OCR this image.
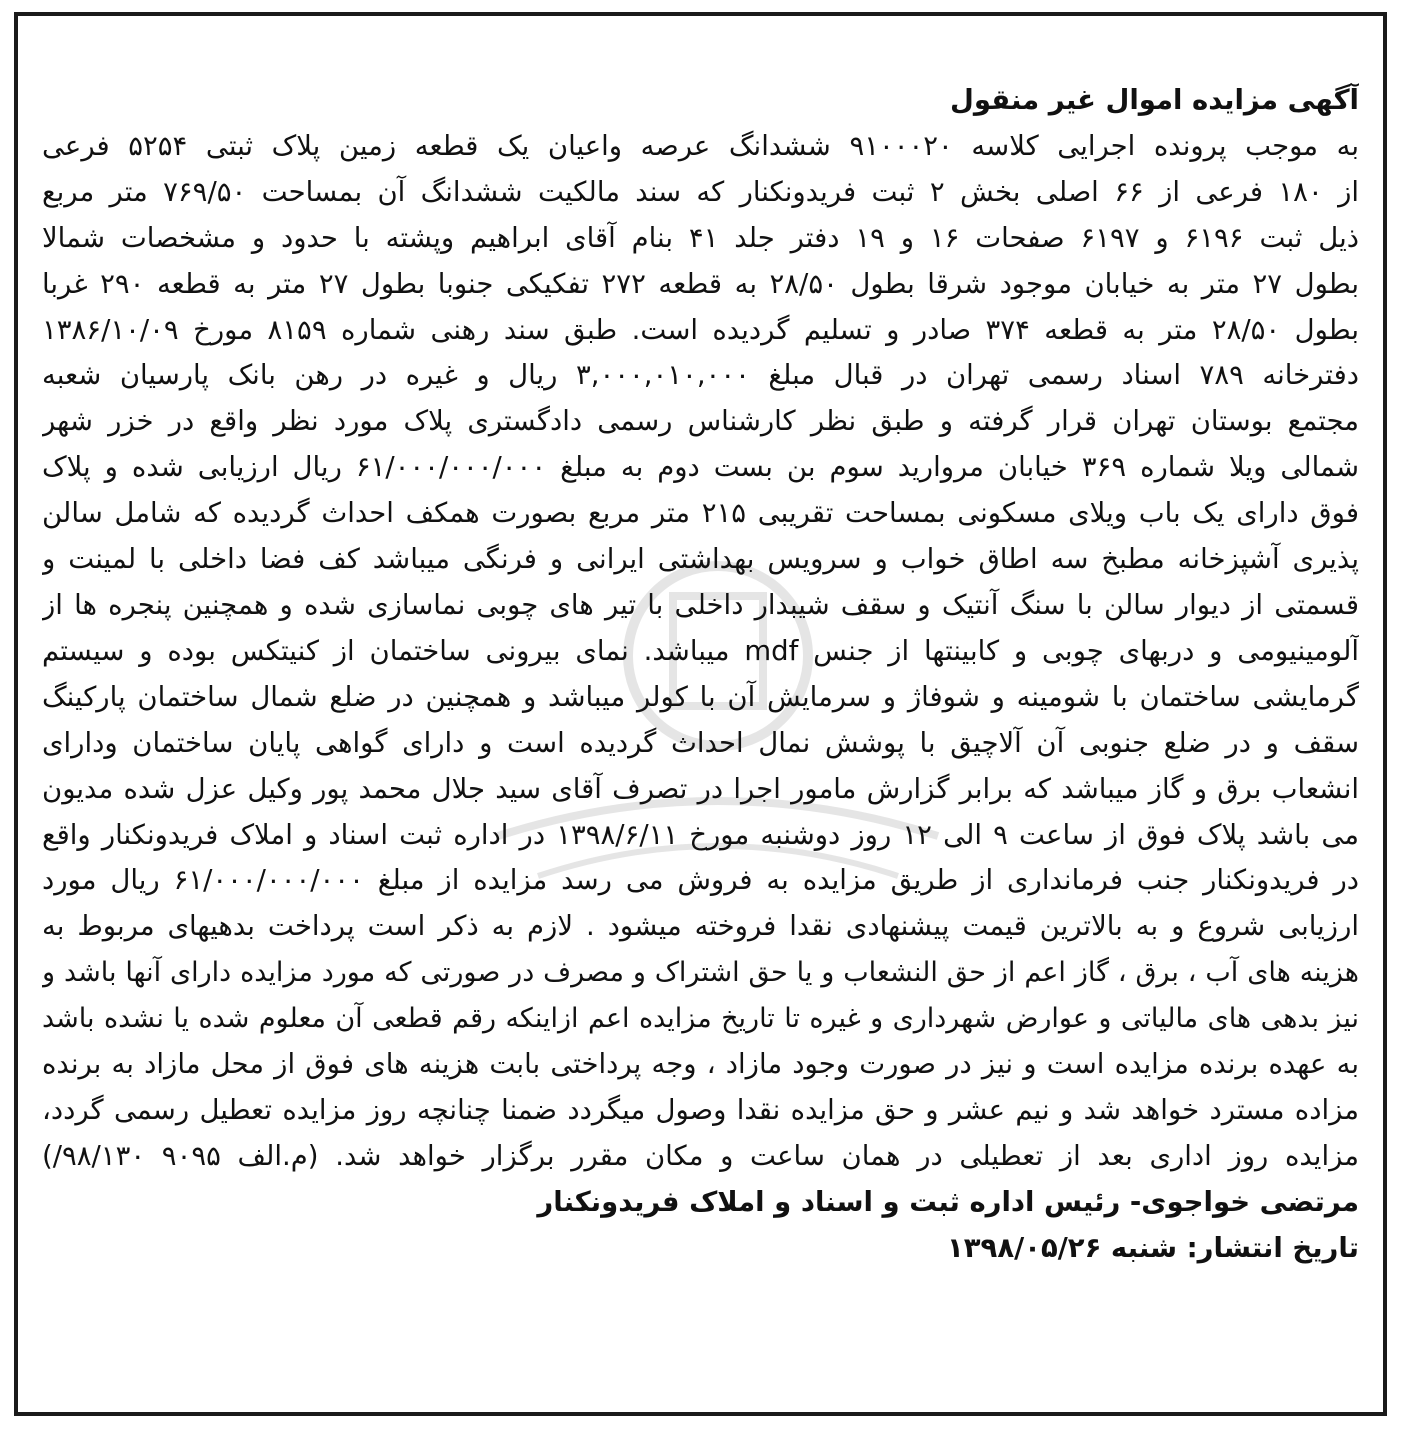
آگهی مزایده اموال غیر منقول
به موجب پرونده اجرایی کلاسه ۹۱۰۰۰۲۰ ششدانگ عرصه واعیان یک قطعه زمین پلاک ثبتی ۵۲۵۴ فرعی
از ۱۸۰ فرعی از ۶۶ اصلی بخش ۲ ثبت فریدونکنار که سند مالکیت ششدانگ آن بمساحت ۷۶۹/۵۰ متر مربع
ذیل ثبت ۶۱۹۶ و ۶۱۹۷ صفحات ۱۶ و ۱۹ دفتر جلد ۴۱ بنام آقای ابراهیم وپشته با حدود و مشخصات شمالا
بطول ۲۷ متر به خیابان موجود شرقا بطول ۲۸/۵۰ به قطعه ۲۷۲ تفکیکی جنوبا بطول ۲۷ متر به قطعه ۲۹۰ غربا
بطول ۲۸/۵۰ متر به قطعه ۳۷۴ صادر و تسلیم گردیده است. طبق سند رهنی شماره ۸۱۵۹ مورخ ۱۳۸۶/۱۰/۰۹
دفترخانه ۷۸۹ اسناد رسمی تهران در قبال مبلغ ۳,۰۰۰,۰۱۰,۰۰۰ ریال و غیره در رهن بانک پارسیان شعبه
مجتمع بوستان تهران قرار گرفته و طبق نظر کارشناس رسمی دادگستری پلاک مورد نظر واقع در خزر شهر
شمالی ویلا شماره ۳۶۹ خیابان مروارید سوم بن بست دوم به مبلغ ۶۱/۰۰۰/۰۰۰/۰۰۰ ریال ارزیابی شده و پلاک
فوق دارای یک باب ویلای مسکونی بمساحت تقریبی ۲۱۵ متر مربع بصورت همکف احداث گردیده که شامل سالن
پذیری آشپزخانه مطبخ سه اطاق خواب و سرویس بهداشتی ایرانی و فرنگی میباشد کف فضا داخلی با لمینت و
قسمتی از دیوار سالن با سنگ آنتیک و سقف شیبدار داخلی با تیر های چوبی نماسازی شده و همچنین پنجره ها از
آلومینیومی و دربهای چوبی و کابینتها از جنس mdf میباشد. نمای بیرونی ساختمان از کنیتکس بوده و سیستم
گرمایشی ساختمان با شومینه و شوفاژ و سرمایش آن با کولر میباشد و همچنین در ضلع شمال ساختمان پارکینگ
سقف و در ضلع جنوبی آن آلاچیق با پوشش نمال احداث گردیده است و دارای گواهی پایان ساختمان ودارای
انشعاب برق و گاز میباشد که برابر گزارش مامور اجرا در تصرف آقای سید جلال محمد پور وکیل عزل شده مدیون
می باشد پلاک فوق از ساعت ۹ الی ۱۲ روز دوشنبه مورخ ۱۳۹۸/۶/۱۱ در اداره ثبت اسناد و املاک فریدونکنار واقع
در فریدونکنار جنب فرمانداری از طریق مزایده به فروش می رسد مزایده از مبلغ ۶۱/۰۰۰/۰۰۰/۰۰۰ ریال مورد
ارزیابی شروع و به بالاترین قیمت پیشنهادی نقدا فروخته میشود . لازم به ذکر است پرداخت بدهیهای مربوط به
هزینه های آب ، برق ، گاز اعم از حق النشعاب و یا حق اشتراک و مصرف در صورتی که مورد مزایده دارای آنها باشد و
نیز بدهی های مالیاتی و عوارض شهرداری و غیره تا تاریخ مزایده اعم ازاینکه رقم قطعی آن معلوم شده یا نشده باشد
به عهده برنده مزایده است و نیز در صورت وجود مازاد ، وجه پرداختی بابت هزینه های فوق از محل مازاد به برنده
مزاده مسترد خواهد شد و نیم عشر و حق مزایده نقدا وصول میگردد ضمنا چنانچه روز مزایده تعطیل رسمی گردد،
مزایده روز اداری بعد از تعطیلی در همان ساعت و مکان مقرر برگزار خواهد شد. (م.الف ۹۰۹۵ ۹۸/۱۳۰/)
مرتضی خواجوی- رئیس اداره ثبت و اسناد و املاک فریدونکنار
تاریخ انتشار: شنبه ۱۳۹۸/۰۵/۲۶
